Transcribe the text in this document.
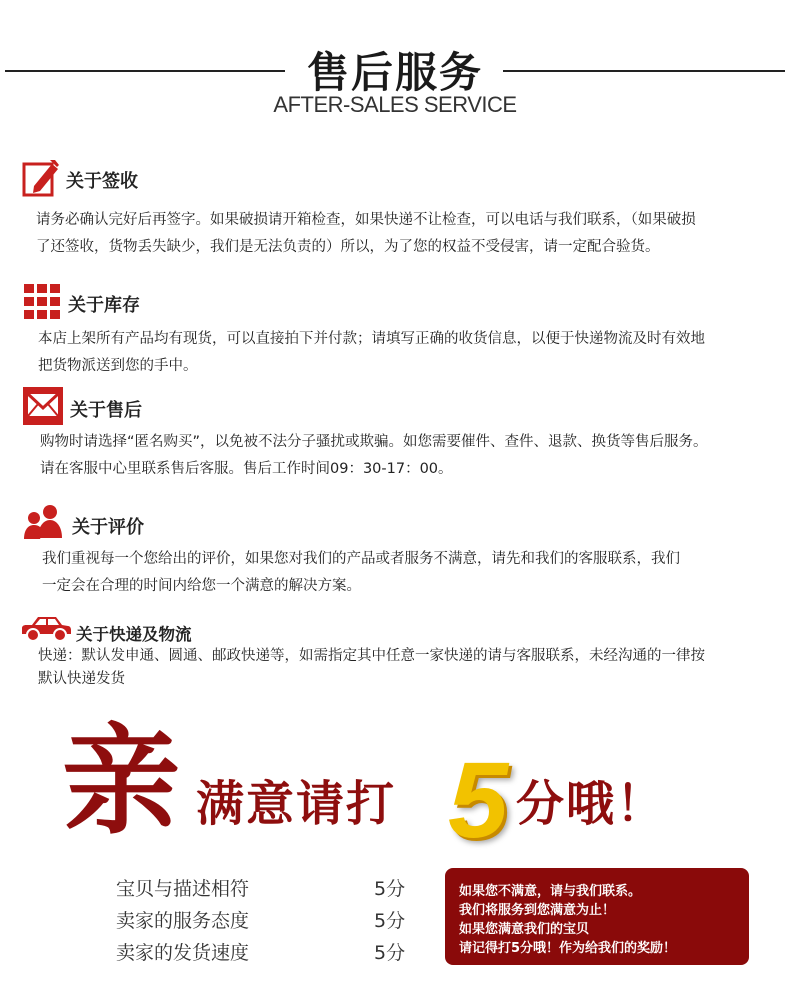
售后服务
AFTER-SALES SERVICE
关于签收
请务必确认完好后再签字。如果破损请开箱检查，如果快递不让检查，可以电话与我们联系，（如果破损
了还签收，货物丢失缺少，我们是无法负责的）所以，为了您的权益不受侵害，请一定配合验货。
关于库存
本店上架所有产品均有现货，可以直接拍下并付款；请填写正确的收货信息，以便于快递物流及时有效地
把货物派送到您的手中。
关于售后
购物时请选择“匿名购买”，以免被不法分子骚扰或欺骗。如您需要催件、查件、退款、换货等售后服务。
请在客服中心里联系售后客服。售后工作时间09：30-17：00。
关于评价
我们重视每一个您给出的评价，如果您对我们的产品或者服务不满意，请先和我们的客服联系，我们
一定会在合理的时间内给您一个满意的解决方案。
关于快递及物流
快递：默认发申通、圆通、邮政快递等，如需指定其中任意一家快递的请与客服联系，未经沟通的一律按
默认快递发货
亲 满意请打 5 分哦！
宝贝与描述相符	5分
卖家的服务态度	5分
卖家的发货速度	5分
如果您不满意，请与我们联系。
我们将服务到您满意为止！
如果您满意我们的宝贝
请记得打5分哦！作为给我们的奖励！
